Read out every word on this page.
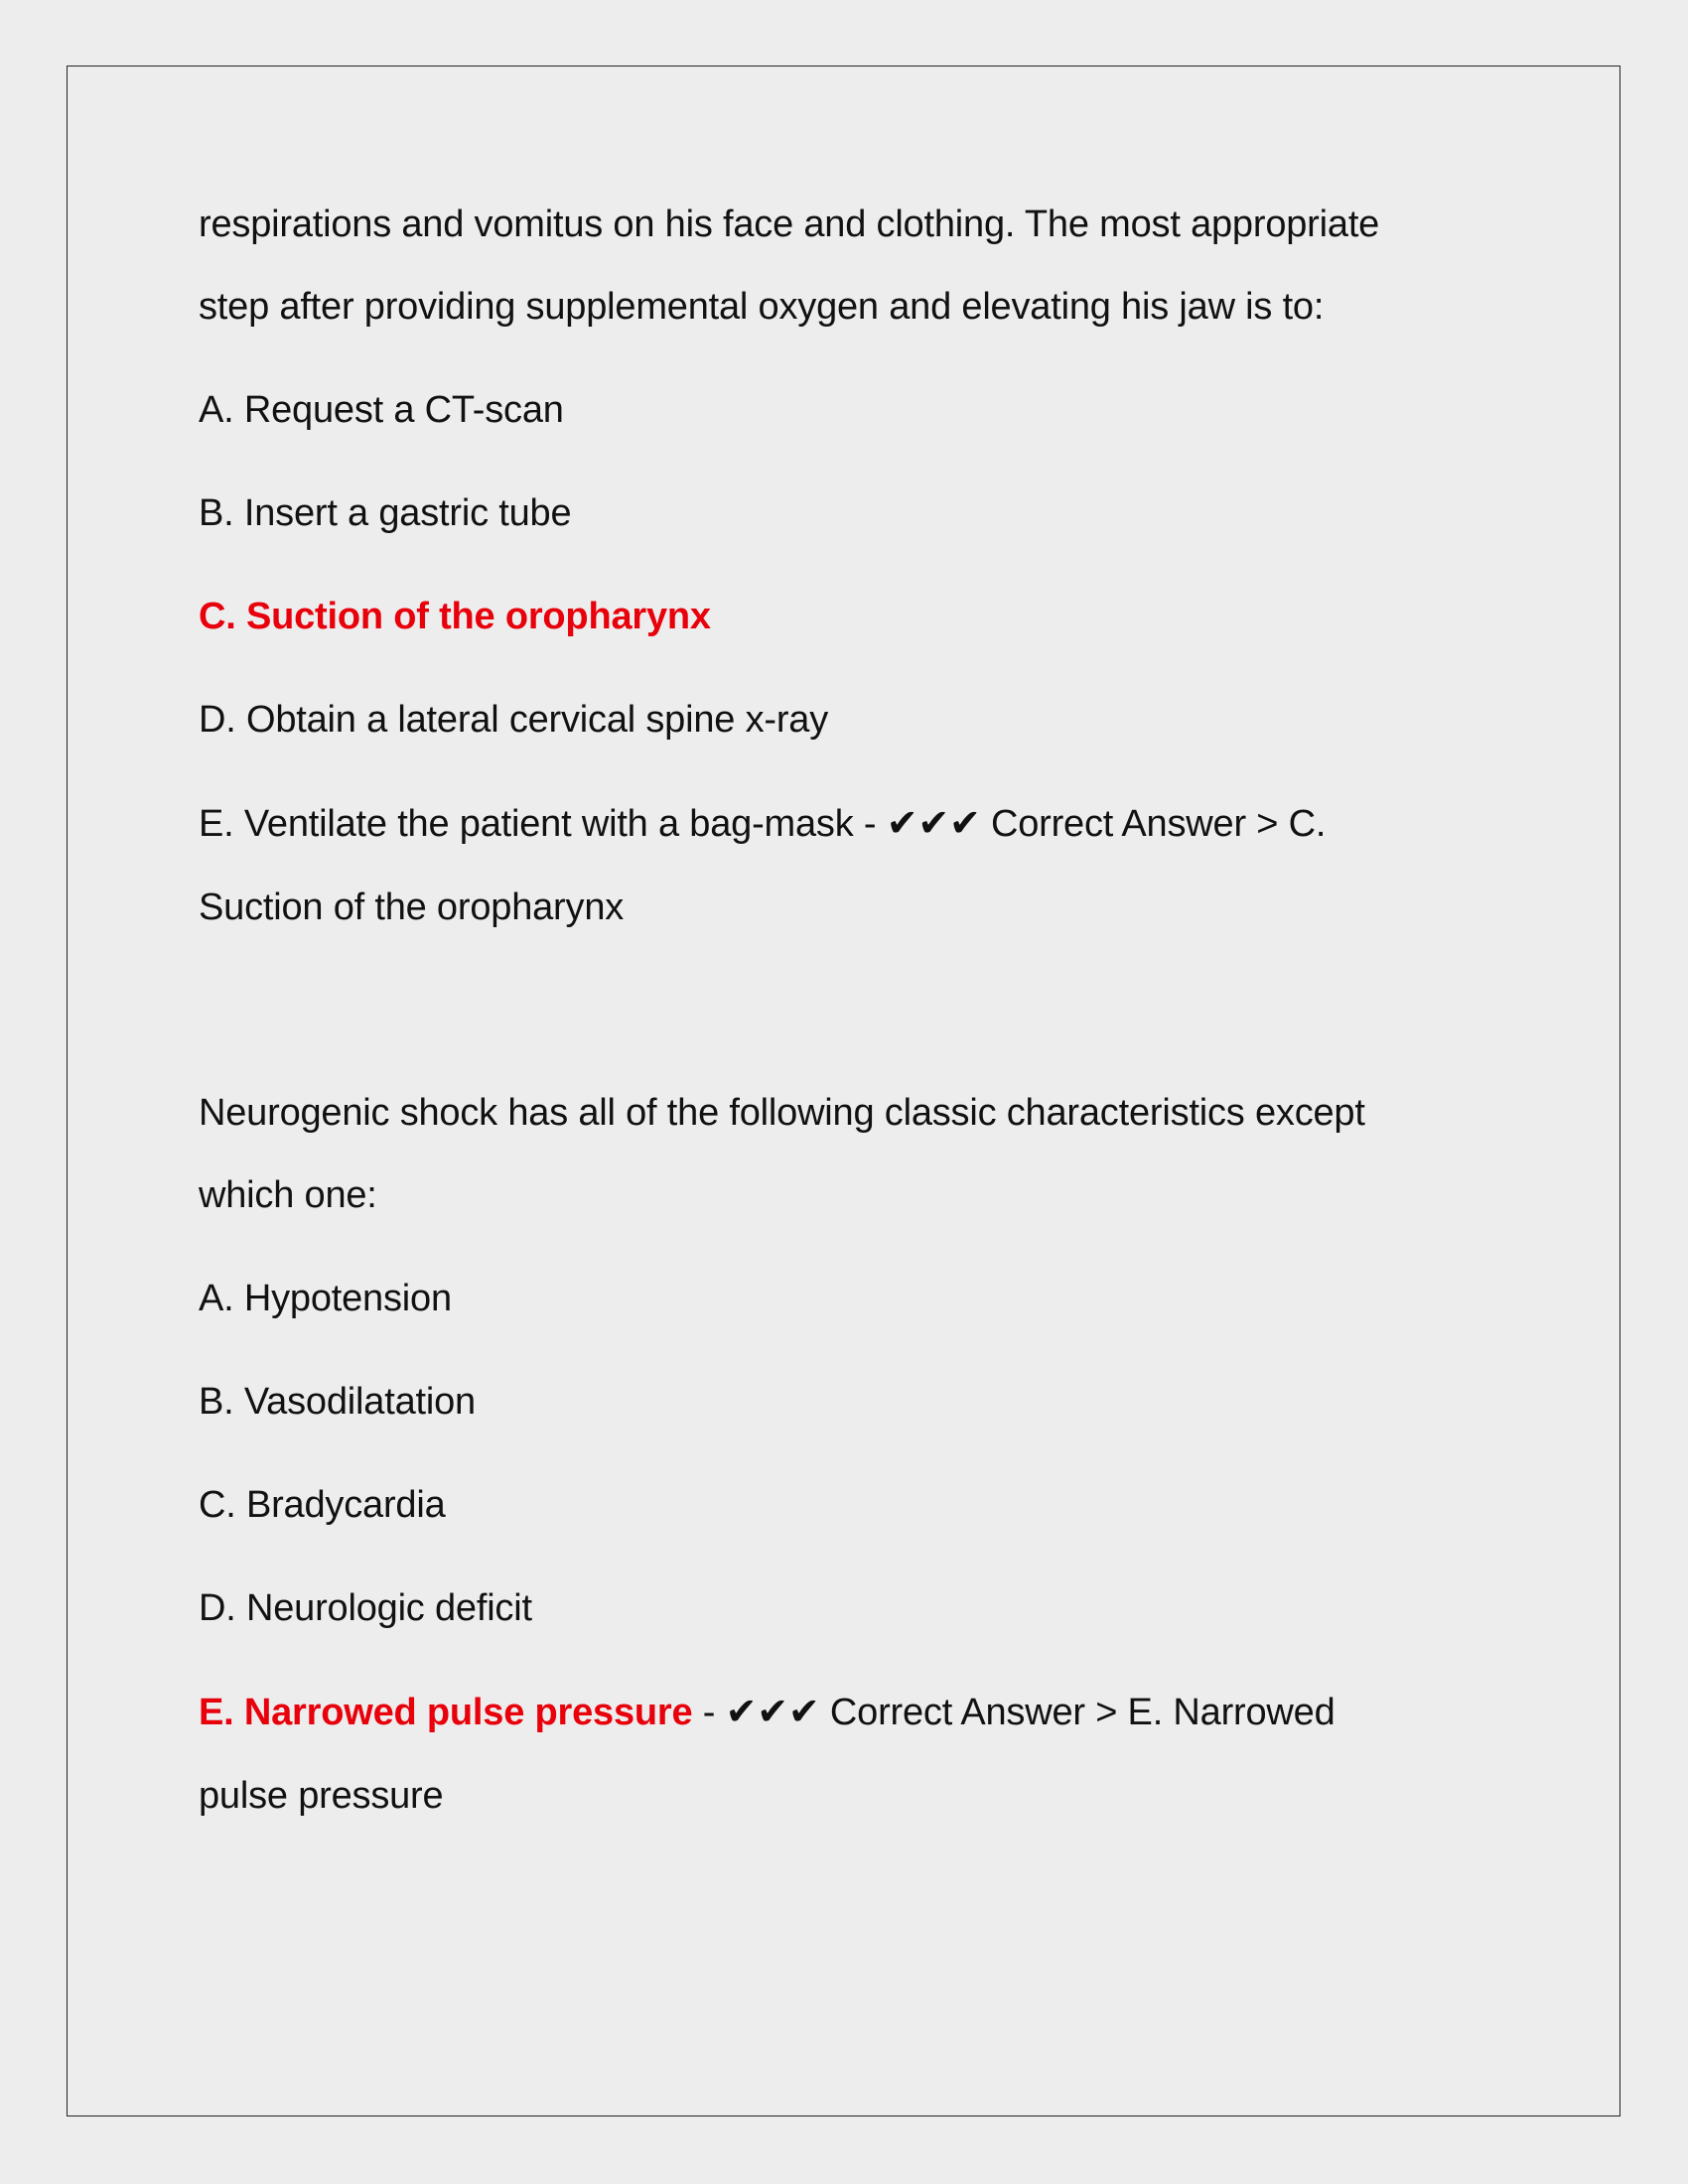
respirations and vomitus on his face and clothing. The most appropriate

step after providing supplemental oxygen and elevating his jaw is to:

A. Request a CT-scan

B. Insert a gastric tube

C. Suction of the oropharynx

D. Obtain a lateral cervical spine x-ray

E. Ventilate the patient with a bag-mask - ✔✔✔ Correct Answer > C.

Suction of the oropharynx

Neurogenic shock has all of the following classic characteristics except

which one:

A. Hypotension

B. Vasodilatation

C. Bradycardia

D. Neurologic deficit

E. Narrowed pulse pressure - ✔✔✔ Correct Answer > E. Narrowed

pulse pressure
